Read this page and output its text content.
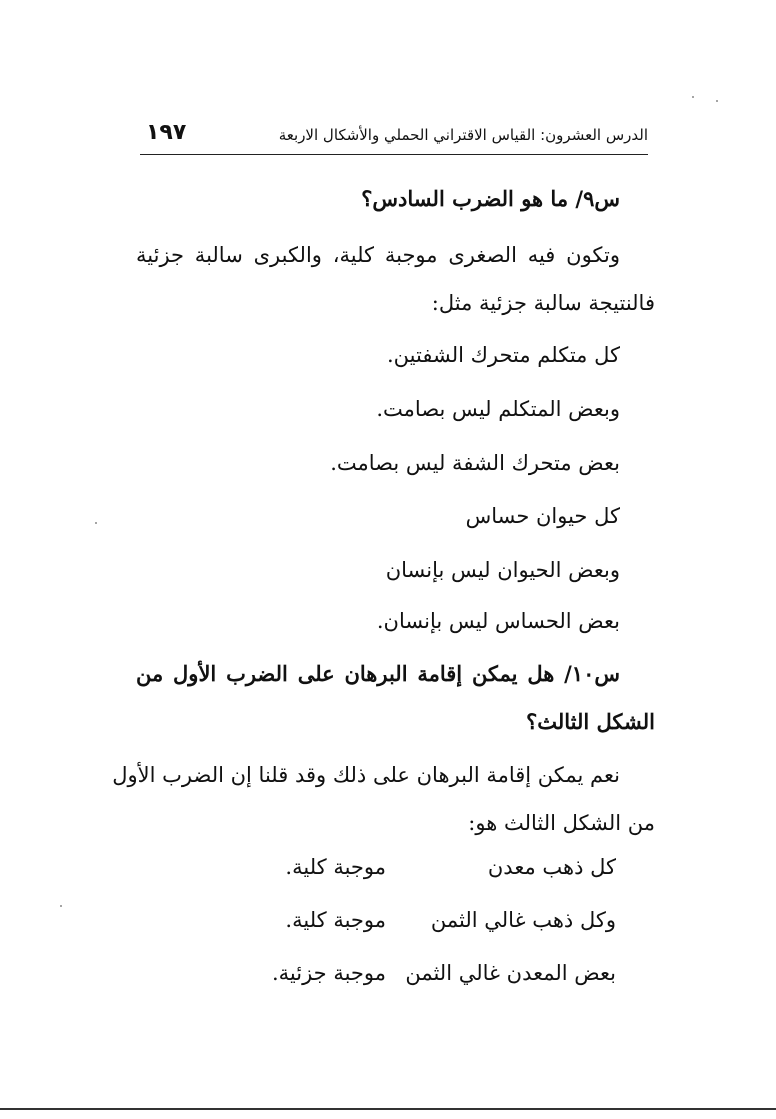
الدرس العشرون: القياس الاقتراني الحملي والأشكال الاربعة
١٩٧
س٩/ ما هو الضرب السادس؟
وتكون فيه الصغرى موجبة كلية، والكبرى سالبة جزئية
فالنتيجة سالبة جزئية مثل:
كل متكلم متحرك الشفتين.
وبعض المتكلم ليس بصامت.
بعض متحرك الشفة ليس بصامت.
كل حيوان حساس
وبعض الحيوان ليس بإنسان
بعض الحساس ليس بإنسان.
س١٠/ هل يمكن إقامة البرهان على الضرب الأول من
الشكل الثالث؟
نعم يمكن إقامة البرهان على ذلك وقد قلنا إن الضرب الأول
من الشكل الثالث هو:
كل ذهب معدن
موجبة كلية.
وكل ذهب غالي الثمن
موجبة كلية.
بعض المعدن غالي الثمن
موجبة جزئية.
